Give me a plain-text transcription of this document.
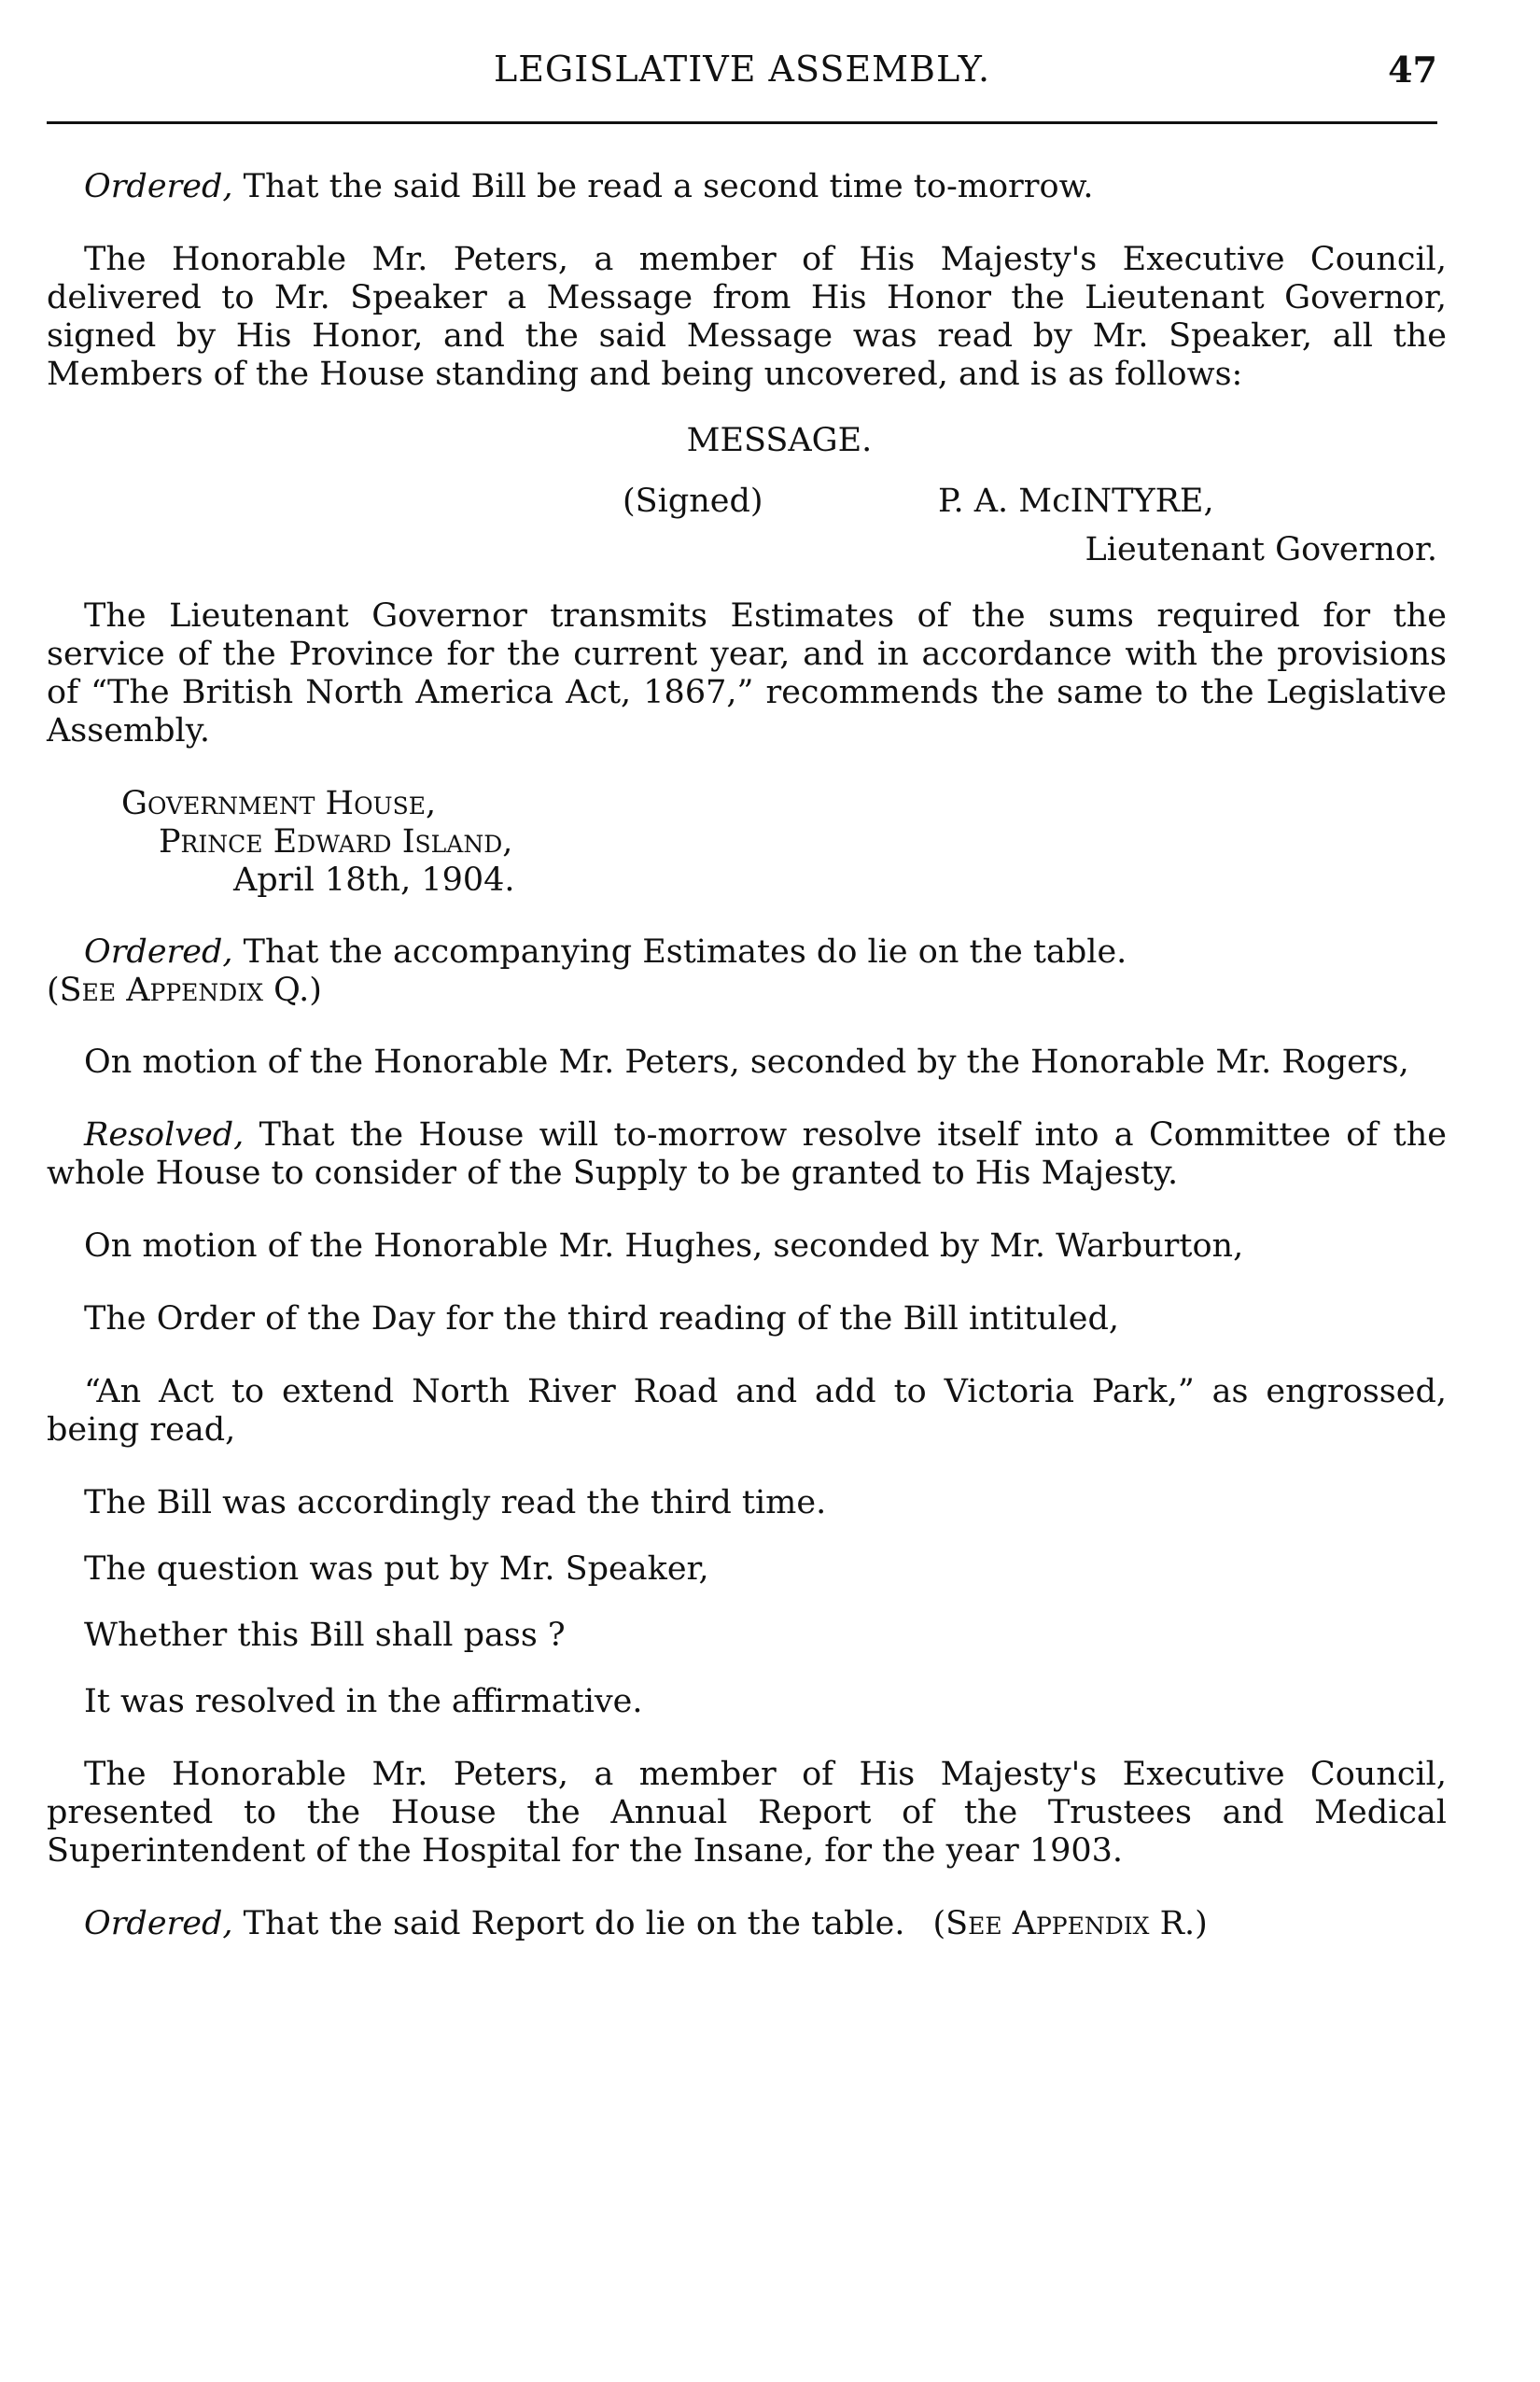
LEGISLATIVE ASSEMBLY.	47

Ordered, That the said Bill be read a second time to-morrow.

The Honorable Mr. Peters, a member of His Majesty's Executive Council, delivered to Mr. Speaker a Message from His Honor the Lieutenant Governor, signed by His Honor, and the said Message was read by Mr. Speaker, all the Members of the House standing and being uncovered, and is as follows:

MESSAGE.
(Signed)	P. A. McINTYRE,
Lieutenant Governor.

The Lieutenant Governor transmits Estimates of the sums required for the service of the Province for the current year, and in accordance with the provisions of “The British North America Act, 1867,” recommends the same to the Legislative Assembly.

Government House,
Prince Edward Island,
April 18th, 1904.
Ordered, That the accompanying Estimates do lie on the table.
(See Appendix Q.)

On motion of the Honorable Mr. Peters, seconded by the Honorable Mr. Rogers,

Resolved, That the House will to-morrow resolve itself into a Committee of the whole House to consider of the Supply to be granted to His Majesty.

On motion of the Honorable Mr. Hughes, seconded by Mr. Warburton,

The Order of the Day for the third reading of the Bill intituled,

“An Act to extend North River Road and add to Victoria Park,” as engrossed, being read,

The Bill was accordingly read the third time.

The question was put by Mr. Speaker,

Whether this Bill shall pass ?

It was resolved in the affirmative.

The Honorable Mr. Peters, a member of His Majesty's Executive Council, presented to the House the Annual Report of the Trustees and Medical Superintendent of the Hospital for the Insane, for the year 1903.

Ordered, That the said Report do lie on the table. (See Appendix R.)
